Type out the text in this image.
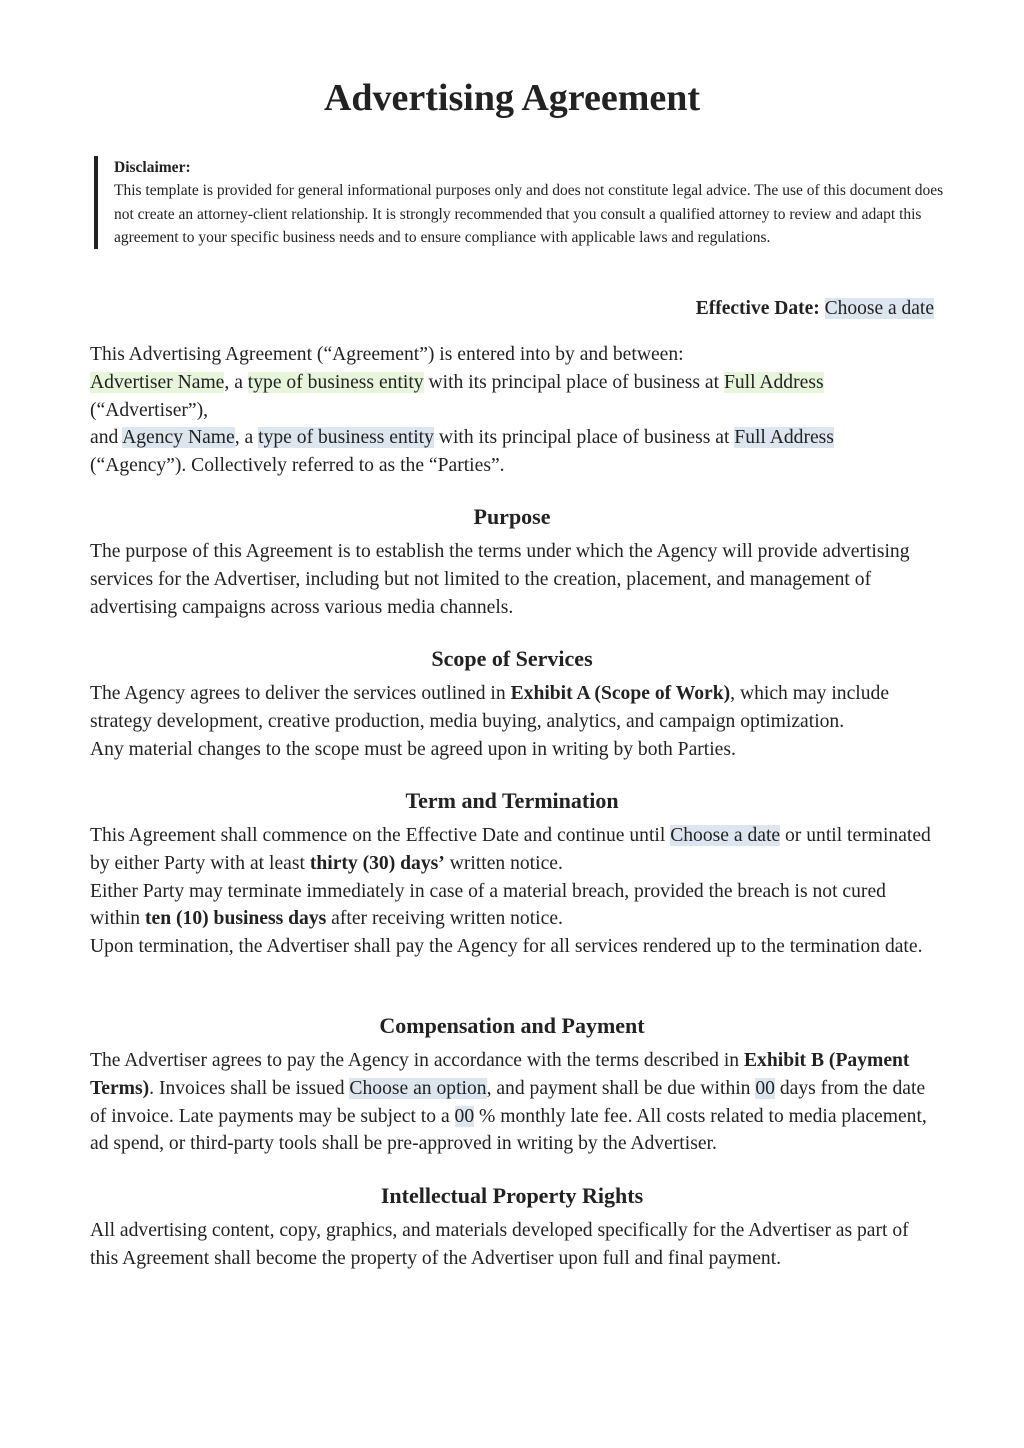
Advertising Agreement
Disclaimer:
This template is provided for general informational purposes only and does not constitute legal advice. The use of this document does not create an attorney-client relationship. It is strongly recommended that you consult a qualified attorney to review and adapt this agreement to your specific business needs and to ensure compliance with applicable laws and regulations.
Effective Date: Choose a date

This Advertising Agreement (“Agreement”) is entered into by and between:

Advertiser Name, a type of business entity with its principal place of business at Full Address

(“Advertiser”),

and Agency Name, a type of business entity with its principal place of business at Full Address

(“Agency”). Collectively referred to as the “Parties”.

Purpose
The purpose of this Agreement is to establish the terms under which the Agency will provide advertising services for the Advertiser, including but not limited to the creation, placement, and management of advertising campaigns across various media channels.
Scope of Services

The Agency agrees to deliver the services outlined in Exhibit A (Scope of Work), which may include strategy development, creative production, media buying, analytics, and campaign optimization.

Any material changes to the scope must be agreed upon in writing by both Parties.

Term and Termination

This Agreement shall commence on the Effective Date and continue until Choose a date or until terminated by either Party with at least thirty (30) days’ written notice.

Either Party may terminate immediately in case of a material breach, provided the breach is not cured within ten (10) business days after receiving written notice.

Upon termination, the Advertiser shall pay the Agency for all services rendered up to the termination date.

Compensation and Payment

The Advertiser agrees to pay the Agency in accordance with the terms described in Exhibit B (Payment Terms). Invoices shall be issued Choose an option, and payment shall be due within 00 days from the date of invoice. Late payments may be subject to a 00 % monthly late fee. All costs related to media placement, ad spend, or third-party tools shall be pre-approved in writing by the Advertiser.

Intellectual Property Rights
All advertising content, copy, graphics, and materials developed specifically for the Advertiser as part of this Agreement shall become the property of the Advertiser upon full and final payment.
